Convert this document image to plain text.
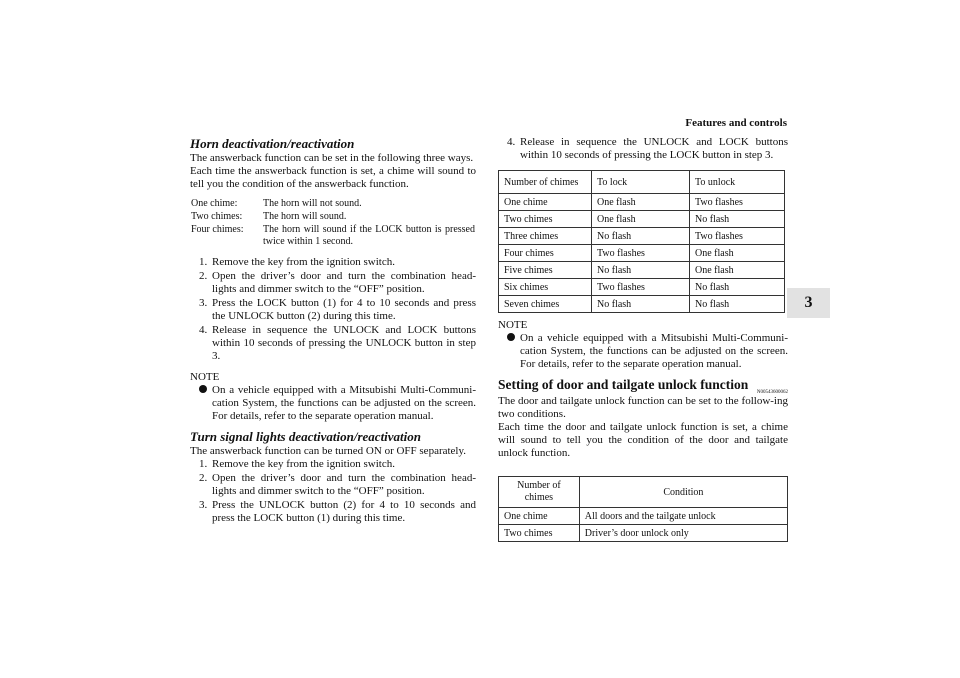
Features and controls
3
Horn deactivation/reactivation

The answerback function can be set in the following three ways.

Each time the answerback function is set, a chime will sound to tell you the condition of the answerback function.

One chime:	The horn will not sound.
Two chimes:	The horn will sound.
Four chimes:	The horn will sound if the LOCK button is pressed twice within 1 second.
1. Remove the key from the ignition switch.
2. Open the driver’s door and turn the combination head-lights and dimmer switch to the “OFF” position.
3. Press the LOCK button (1) for 4 to 10 seconds and press the UNLOCK button (2) during this time.
4. Release in sequence the UNLOCK and LOCK buttons within 10 seconds of pressing the UNLOCK button in step 3.
NOTE
On a vehicle equipped with a Mitsubishi Multi-Communi-cation System, the functions can be adjusted on the screen. For details, refer to the separate operation manual.
Turn signal lights deactivation/reactivation

The answerback function can be turned ON or OFF separately.

1. Remove the key from the ignition switch.
2. Open the driver’s door and turn the combination head-lights and dimmer switch to the “OFF” position.
3. Press the UNLOCK button (2) for 4 to 10 seconds and press the LOCK button (1) during this time.
4. Release in sequence the UNLOCK and LOCK buttons within 10 seconds of pressing the LOCK button in step 3.
Number of chimes	To lock	To unlock
One chime	One flash	Two flashes
Two chimes	One flash	No flash
Three chimes	No flash	Two flashes
Four chimes	Two flashes	One flash
Five chimes	No flash	One flash
Six chimes	Two flashes	No flash
Seven chimes	No flash	No flash
NOTE
On a vehicle equipped with a Mitsubishi Multi-Communi-cation System, the functions can be adjusted on the screen. For details, refer to the separate operation manual.
Setting of door and tailgate unlock function
N00543600062

The door and tailgate unlock function can be set to the follow-ing two conditions.

Each time the door and tailgate unlock function is set, a chime will sound to tell you the condition of the door and tailgate unlock function.

Number of chimes	Condition
One chime	All doors and the tailgate unlock
Two chimes	Driver’s door unlock only
